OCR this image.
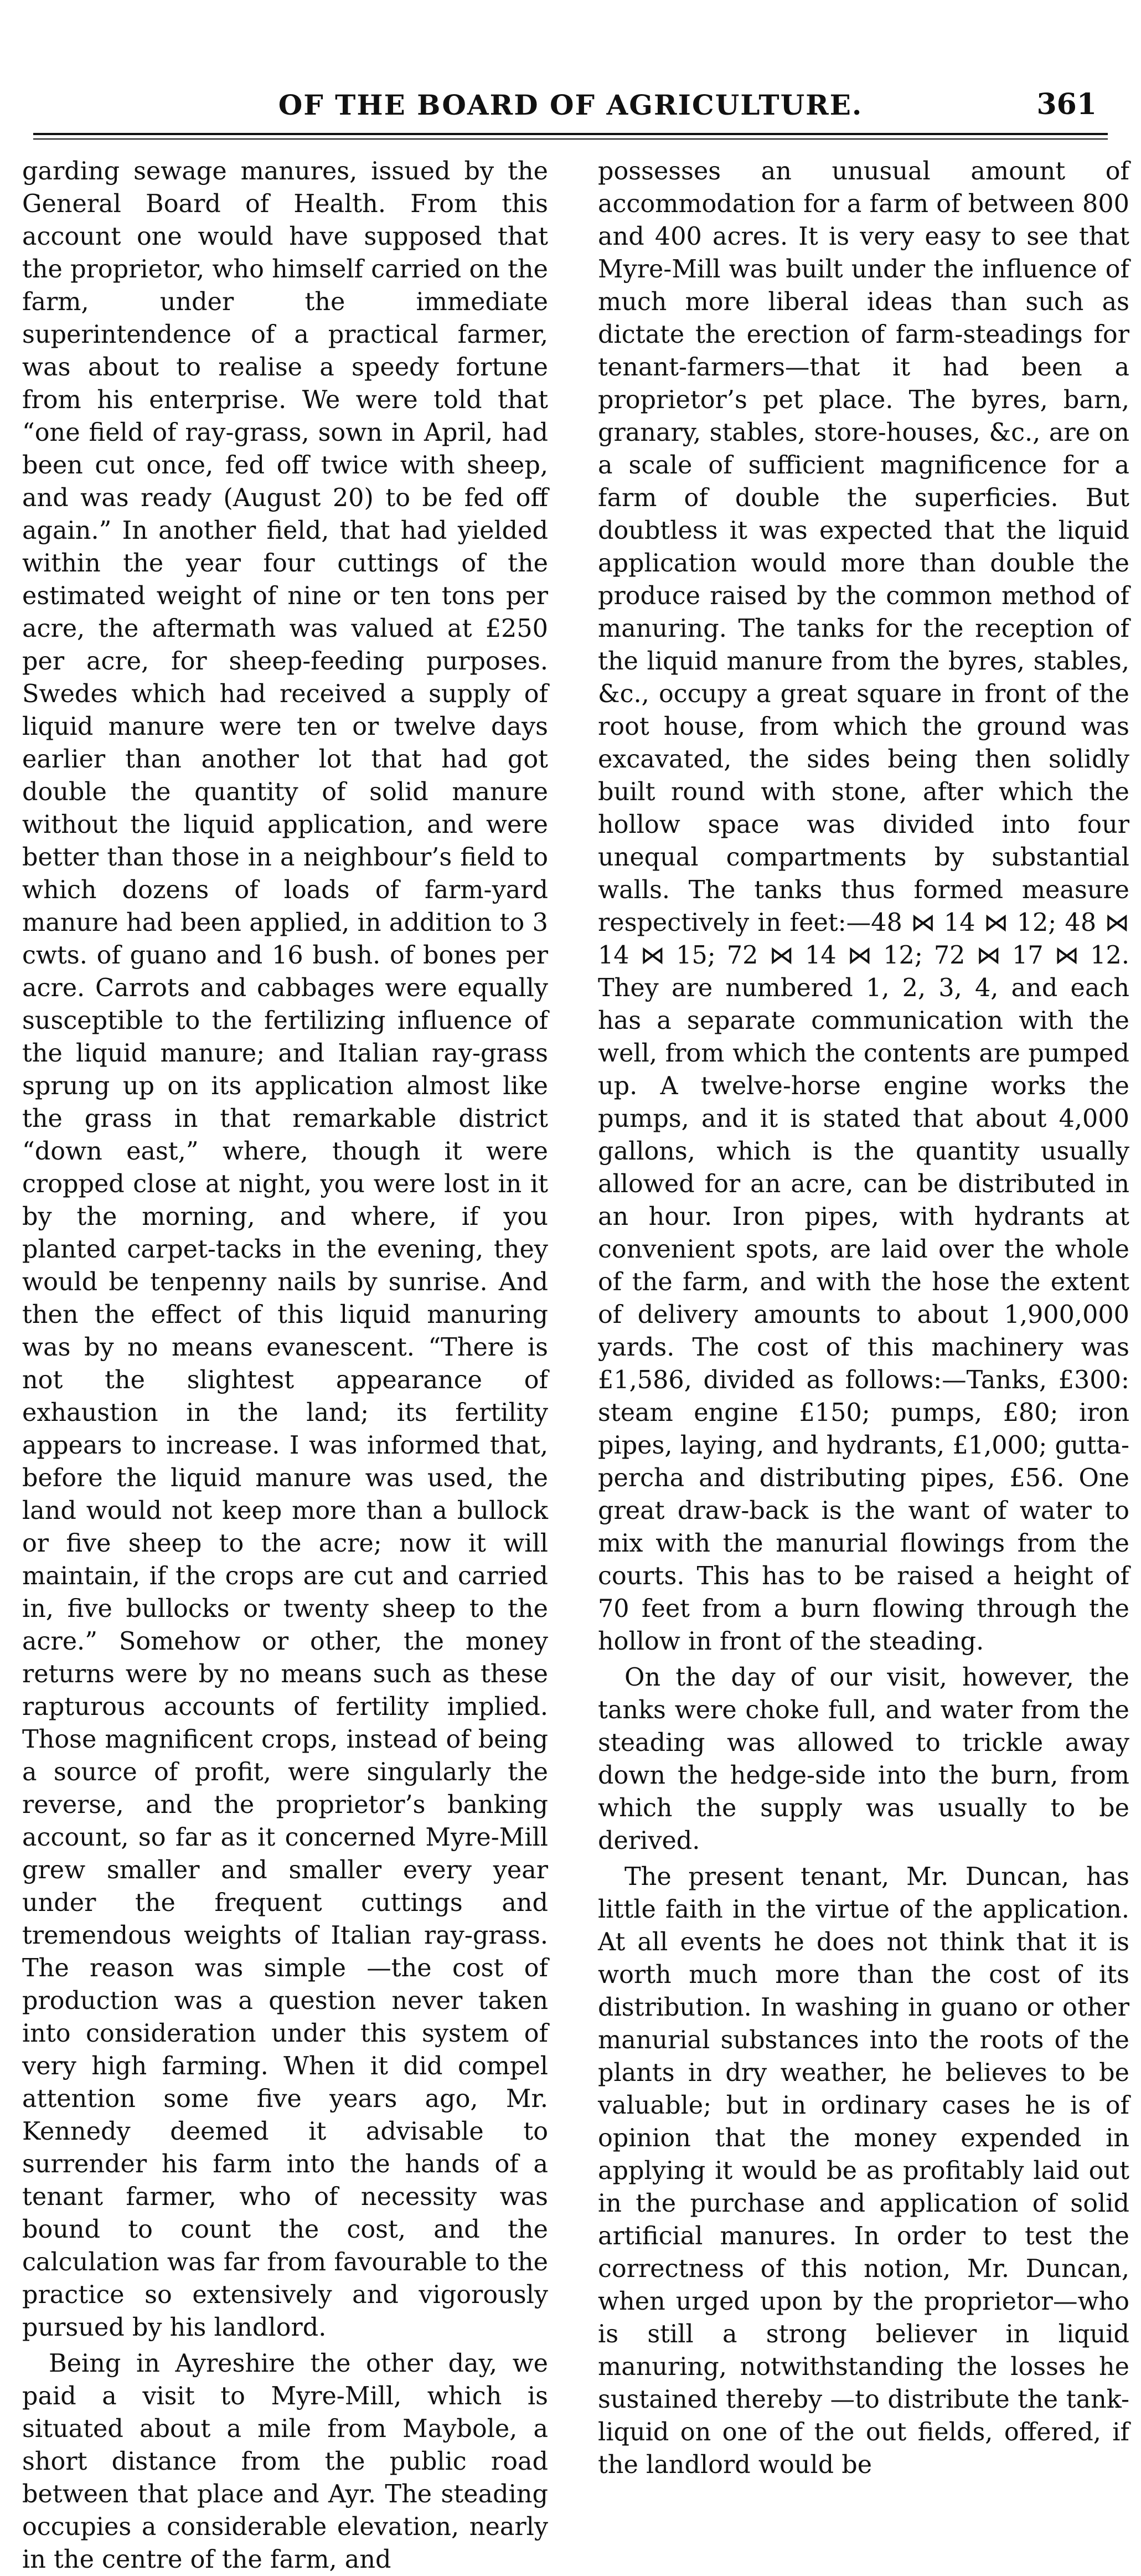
OF THE BOARD OF AGRICULTURE.	361

garding sewage manures, issued by the General Board of Health. From this account one would have supposed that the proprietor, who himself carried on the farm, under the immediate superintendence of a practical farmer, was about to realise a speedy fortune from his enterprise. We were told that “one field of ray-grass, sown in April, had been cut once, fed off twice with sheep, and was ready (August 20) to be fed off again.” In another field, that had yielded within the year four cuttings of the estimated weight of nine or ten tons per acre, the aftermath was valued at £250 per acre, for sheep-feeding purposes. Swedes which had received a supply of liquid manure were ten or twelve days earlier than another lot that had got double the quantity of solid manure without the liquid application, and were better than those in a neighbour’s field to which dozens of loads of farm-yard manure had been applied, in addition to 3 cwts. of guano and 16 bush. of bones per acre. Carrots and cabbages were equally susceptible to the fertilizing influence of the liquid manure; and Italian ray-grass sprung up on its application almost like the grass in that remarkable district “down east,” where, though it were cropped close at night, you were lost in it by the morning, and where, if you planted carpet-tacks in the evening, they would be tenpenny nails by sunrise. And then the effect of this liquid manuring was by no means evanescent. “There is not the slightest appearance of exhaustion in the land; its fertility appears to increase. I was informed that, before the liquid manure was used, the land would not keep more than a bullock or five sheep to the acre; now it will maintain, if the crops are cut and carried in, five bullocks or twenty sheep to the acre.” Somehow or other, the money returns were by no means such as these rapturous accounts of fertility implied. Those magnificent crops, instead of being a source of profit, were singularly the reverse, and the proprietor’s banking account, so far as it concerned Myre-Mill grew smaller and smaller every year under the frequent cuttings and tremendous weights of Italian ray-grass. The reason was simple —the cost of production was a question never taken into consideration under this system of very high farming. When it did compel attention some five years ago, Mr. Kennedy deemed it advisable to surrender his farm into the hands of a tenant farmer, who of necessity was bound to count the cost, and the calculation was far from favourable to the practice so extensively and vigorously pursued by his landlord.

Being in Ayreshire the other day, we paid a visit to Myre-Mill, which is situated about a mile from Maybole, a short distance from the public road between that place and Ayr. The steading occupies a considerable elevation, nearly in the centre of the farm, and

possesses an unusual amount of accommodation for a farm of between 800 and 400 acres. It is very easy to see that Myre-Mill was built under the influence of much more liberal ideas than such as dictate the erection of farm-steadings for tenant-farmers—that it had been a proprietor’s pet place. The byres, barn, granary, stables, store-houses, &c., are on a scale of sufficient magnificence for a farm of double the superficies. But doubtless it was expected that the liquid application would more than double the produce raised by the common method of manuring. The tanks for the reception of the liquid manure from the byres, stables, &c., occupy a great square in front of the root house, from which the ground was excavated, the sides being then solidly built round with stone, after which the hollow space was divided into four unequal compartments by substantial walls. The tanks thus formed measure respectively in feet:—48 ⋈ 14 ⋈ 12; 48 ⋈ 14 ⋈ 15; 72 ⋈ 14 ⋈ 12; 72 ⋈ 17 ⋈ 12. They are numbered 1, 2, 3, 4, and each has a separate communication with the well, from which the contents are pumped up. A twelve-horse engine works the pumps, and it is stated that about 4,000 gallons, which is the quantity usually allowed for an acre, can be distributed in an hour. Iron pipes, with hydrants at convenient spots, are laid over the whole of the farm, and with the hose the extent of delivery amounts to about 1,900,000 yards. The cost of this machinery was £1,586, divided as follows:—Tanks, £300: steam engine £150; pumps, £80; iron pipes, laying, and hydrants, £1,000; gutta-percha and distributing pipes, £56. One great draw-back is the want of water to mix with the manurial flowings from the courts. This has to be raised a height of 70 feet from a burn flowing through the hollow in front of the steading.

On the day of our visit, however, the tanks were choke full, and water from the steading was allowed to trickle away down the hedge-side into the burn, from which the supply was usually to be derived.

The present tenant, Mr. Duncan, has little faith in the virtue of the application. At all events he does not think that it is worth much more than the cost of its distribution. In washing in guano or other manurial substances into the roots of the plants in dry weather, he believes to be valuable; but in ordinary cases he is of opinion that the money expended in applying it would be as profitably laid out in the purchase and application of solid artificial manures. In order to test the correctness of this notion, Mr. Duncan, when urged upon by the proprietor—who is still a strong believer in liquid manuring, notwithstanding the losses he sustained thereby —to distribute the tank-liquid on one of the out fields, offered, if the landlord would be
